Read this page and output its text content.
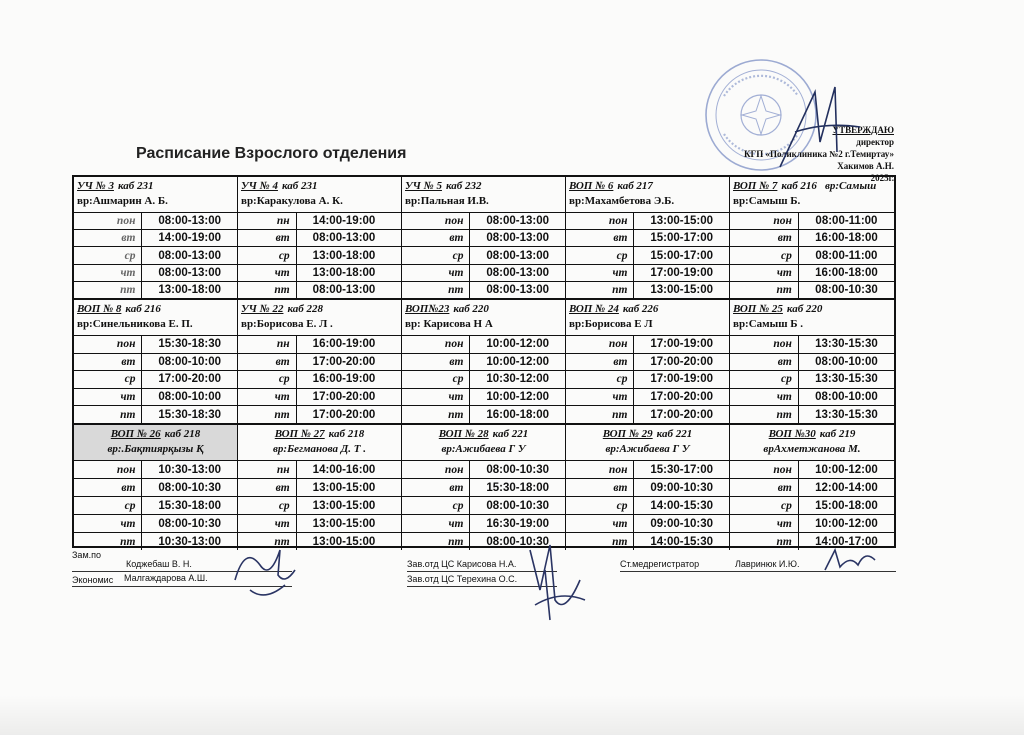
УТВЕРЖДАЮ
директор
КГП «Поликлиника №2 г.Темиртау»
Хакимов А.Н.
2025г.
Расписание Взрослого отделения
УЧ № 3 каб 231
вр:Ашмарин А. Б.
пон	08:00-13:00
вт	14:00-19:00
ср	08:00-13:00
чт	08:00-13:00
пт	13:00-18:00
УЧ № 4 каб 231
вр:Каракулова А. К.
пн	14:00-19:00
вт	08:00-13:00
ср	13:00-18:00
чт	13:00-18:00
пт	08:00-13:00
УЧ № 5 каб 232
вр:Пальная И.В.
пон	08:00-13:00
вт	08:00-13:00
ср	08:00-13:00
чт	08:00-13:00
пт	08:00-13:00
ВОП № 6 каб 217
вр:Махамбетова Э.Б.
пон	13:00-15:00
вт	15:00-17:00
ср	15:00-17:00
чт	17:00-19:00
пт	13:00-15:00
ВОП № 7 каб 216 вр:Самыш
вр:Самыш Б.
пон	08:00-11:00
вт	16:00-18:00
ср	08:00-11:00
чт	16:00-18:00
пт	08:00-10:30
ВОП № 8 каб 216
вр:Синельникова Е. П.
пон	15:30-18:30
вт	08:00-10:00
ср	17:00-20:00
чт	08:00-10:00
пт	15:30-18:30
УЧ № 22 каб 228
вр:Борисова Е. Л .
пн	16:00-19:00
вт	17:00-20:00
ср	16:00-19:00
чт	17:00-20:00
пт	17:00-20:00
ВОП№23 каб 220
вр: Карисова Н А
пон	10:00-12:00
вт	10:00-12:00
ср	10:30-12:00
чт	10:00-12:00
пт	16:00-18:00
ВОП № 24 каб 226
вр:Борисова Е Л
пон	17:00-19:00
вт	17:00-20:00
ср	17:00-19:00
чт	17:00-20:00
пт	17:00-20:00
ВОП № 25 каб 220
вр:Самыш Б .
пон	13:30-15:30
вт	08:00-10:00
ср	13:30-15:30
чт	08:00-10:00
пт	13:30-15:30
ВОП № 26 каб 218
вр:.Бақтиярқызы Қ
пон	10:30-13:00
вт	08:00-10:30
ср	15:30-18:00
чт	08:00-10:30
пт	10:30-13:00
ВОП № 27 каб 218
вр:Бегманова Д. Т .
пн	14:00-16:00
вт	13:00-15:00
ср	13:00-15:00
чт	13:00-15:00
пт	13:00-15:00
ВОП № 28 каб 221
вр:Ажибаева Г У
пон	08:00-10:30
вт	15:30-18:00
ср	08:00-10:30
чт	16:30-19:00
пт	08:00-10:30
ВОП № 29 каб 221
вр:Ажибаева Г У
пон	15:30-17:00
вт	09:00-10:30
ср	14:00-15:30
чт	09:00-10:30
пт	14:00-15:30
ВОП №30 каб 219
врАхметжанова М.
пон	10:00-12:00
вт	12:00-14:00
ср	15:00-18:00
чт	10:00-12:00
пт	14:00-17:00
Зам.по
Коджебаш В. Н.
Экономис Малгаждарова А.Ш.
Зав.отд ЦС Карисова Н.А.
Зав.отд ЦС Терехина О.С.
Ст.медрегистратор	Лавринюк И.Ю.
